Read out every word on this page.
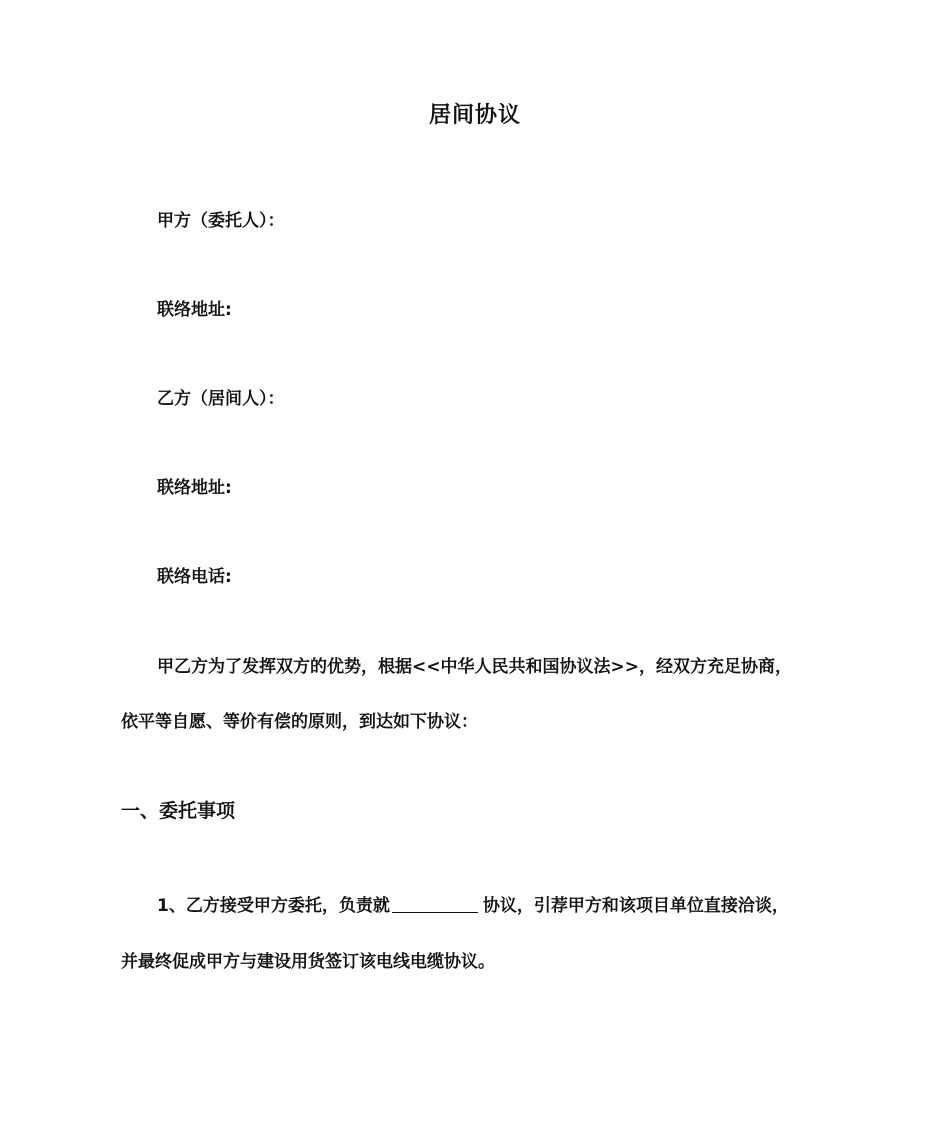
居间协议
甲方（委托人）：
联络地址:
乙方（居间人）：
联络地址:
联络电话:
甲乙方为了发挥双方的优势，根据<<中华人民共和国协议法>>，经双方充足协商，
依平等自愿、等价有偿的原则，到达如下协议：
一、委托事项
1、乙方接受甲方委托，负责就	协议，引荐甲方和该项目单位直接洽谈，
并最终促成甲方与建设用货签订该电线电缆协议。
